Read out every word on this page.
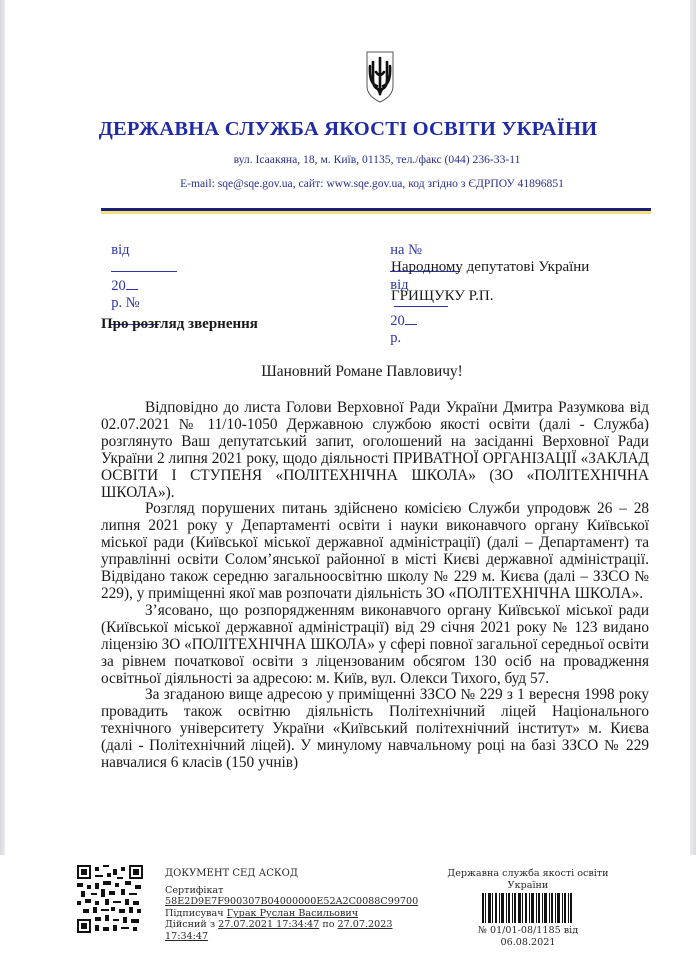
ДЕРЖАВНА СЛУЖБА ЯКОСТІ ОСВІТИ УКРАЇНИ
вул. Ісаакяна, 18, м. Київ, 01135, тел./факс (044) 236-33-11
E-mail: sqe@sqe.gov.ua, сайт: www.sqe.gov.ua, код згідно з ЄДРПОУ 41896851

від

20
р. №

на №

від

20
р.

Народному депутатові України
ГРИЩУКУ Р.П.
Про розгляд звернення
Шановний Романе Павловичу!

Відповідно до листа Голови Верховної Ради України Дмитра Разумкова від 02.07.2021 № 11/10-1050 Державною службою якості освіти (далі - Служба) розглянуто Ваш депутатський запит, оголошений на засіданні Верховної Ради України 2 липня 2021 року, щодо діяльності ПРИВАТНОЇ ОРГАНІЗАЦІЇ «ЗАКЛАД ОСВІТИ І СТУПЕНЯ «ПОЛІТЕХНІЧНА ШКОЛА» (ЗО «ПОЛІТЕХНІЧНА ШКОЛА»).

Розгляд порушених питань здійснено комісією Служби упродовж 26 – 28 липня 2021 року у Департаменті освіти і науки виконавчого органу Київської міської ради (Київської міської державної адміністрації) (далі – Департамент) та управлінні освіти Солом’янської районної в місті Києві державної адміністрації. Відвідано також середню загальноосвітню школу № 229 м. Києва (далі – ЗЗСО № 229), у приміщенні якої мав розпочати діяльність ЗО «ПОЛІТЕХНІЧНА ШКОЛА».

З’ясовано, що розпорядженням виконавчого органу Київської міської ради (Київської міської державної адміністрації) від 29 січня 2021 року № 123 видано ліцензію ЗО «ПОЛІТЕХНІЧНА ШКОЛА» у сфері повної загальної середньої освіти за рівнем початкової освіти з ліцензованим обсягом 130 осіб на провадження освітньої діяльності за адресою: м. Київ, вул. Олекси Тихого, буд 57.

За згаданою вище адресою у приміщенні ЗЗСО № 229 з 1 вересня 1998 року провадить також освітню діяльність Політехнічний ліцей Національного технічного університету України «Київський політехнічний інститут» м. Києва (далі - Політехнічний ліцей). У минулому навчальному році на базі ЗЗСО № 229 навчалися 6 класів (150 учнів)

ДОКУМЕНТ СЕД АСКОД
Сертифікат
58E2D9E7F900307B04000000E52A2C0088C99700
Підписувач Гурак Руслан Васильович
Дійсний з 27.07.2021 17:34:47 по 27.07.2023
17:34:47
Державна служба якості освіти
України
№ 01/01-08/1185 від
06.08.2021
